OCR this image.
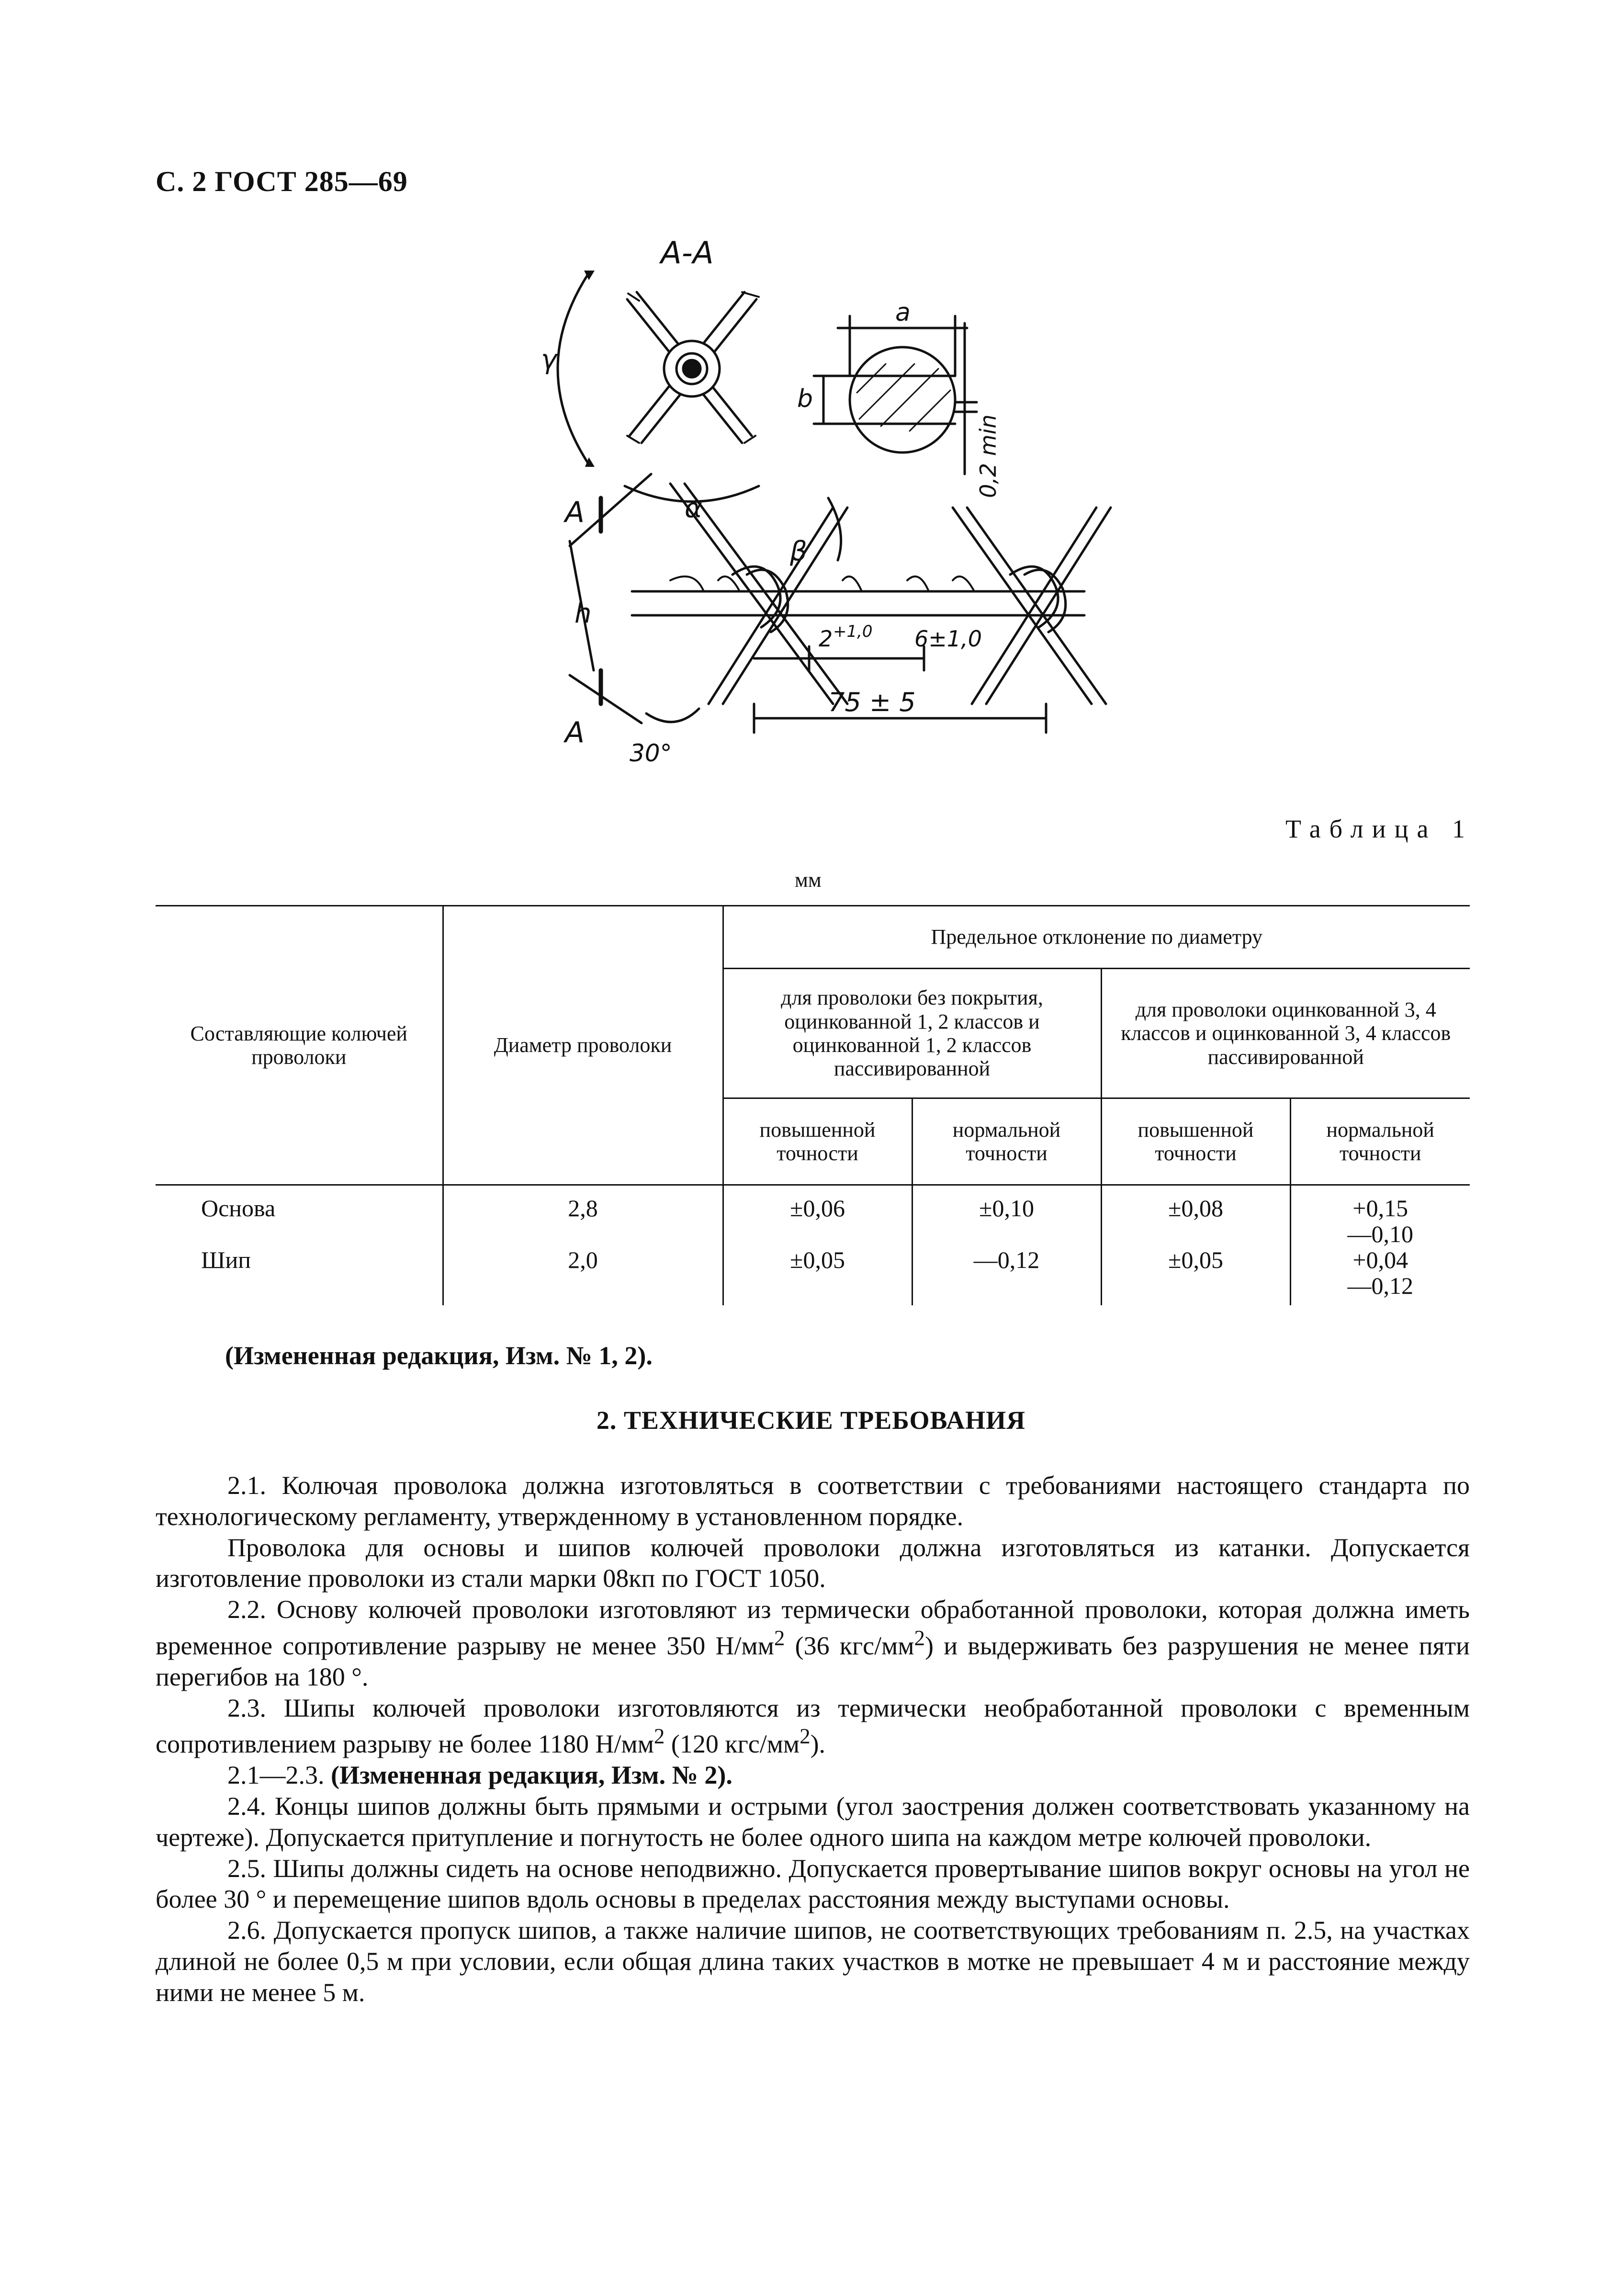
С. 2 ГОСТ 285—69
А-А
γ
α
β
a
b
0,2 min
А
А
h
30°
2 +1,0 6±1,0
75 ± 5
Таблица 1
мм
Составляющие колючей проволоки	Диаметр проволоки	Предельное отклонение по диаметру			
		для проволоки без покрытия, оцинкованной 1, 2 классов и оцинкованной 1, 2 классов пассивированной		для проволоки оцинкованной 3, 4 классов и оцинкованной 3, 4 классов пассивированной	
		повышенной точности	нормальной точности	повышенной точности	нормальной точности
Основа	2,8	±0,06	±0,10	±0,08	+0,15
—0,10

Шип	2,0	±0,05	—0,12	±0,05	+0,04
—0,12
(Измененная редакция, Изм. № 1, 2).
2. ТЕХНИЧЕСКИЕ ТРЕБОВАНИЯ

2.1. Колючая проволока должна изготовляться в соответствии с требованиями настоящего стандарта по технологическому регламенту, утвержденному в установленном порядке.

Проволока для основы и шипов колючей проволоки должна изготовляться из катанки. Допускается изготовление проволоки из стали марки 08кп по ГОСТ 1050.

2.2. Основу колючей проволоки изготовляют из термически обработанной проволоки, которая должна иметь временное сопротивление разрыву не менее 350 $Н/мм^2$ (36 кгс/$мм^2$) и выдерживать без разрушения не менее пяти перегибов на 180 °.

2.3. Шипы колючей проволоки изготовляются из термически необработанной проволоки с временным сопротивлением разрыву не более 1180 $Н/мм^2$ (120 кгс/$мм^2$).

2.1—2.3. (Измененная редакция, Изм. № 2).

2.4. Концы шипов должны быть прямыми и острыми (угол заострения должен соответствовать указанному на чертеже). Допускается притупление и погнутость не более одного шипа на каждом метре колючей проволоки.

2.5. Шипы должны сидеть на основе неподвижно. Допускается провертывание шипов вокруг основы на угол не более 30 ° и перемещение шипов вдоль основы в пределах расстояния между выступами основы.

2.6. Допускается пропуск шипов, а также наличие шипов, не соответствующих требованиям п. 2.5, на участках длиной не более 0,5 м при условии, если общая длина таких участков в мотке не превышает 4 м и расстояние между ними не менее 5 м.
